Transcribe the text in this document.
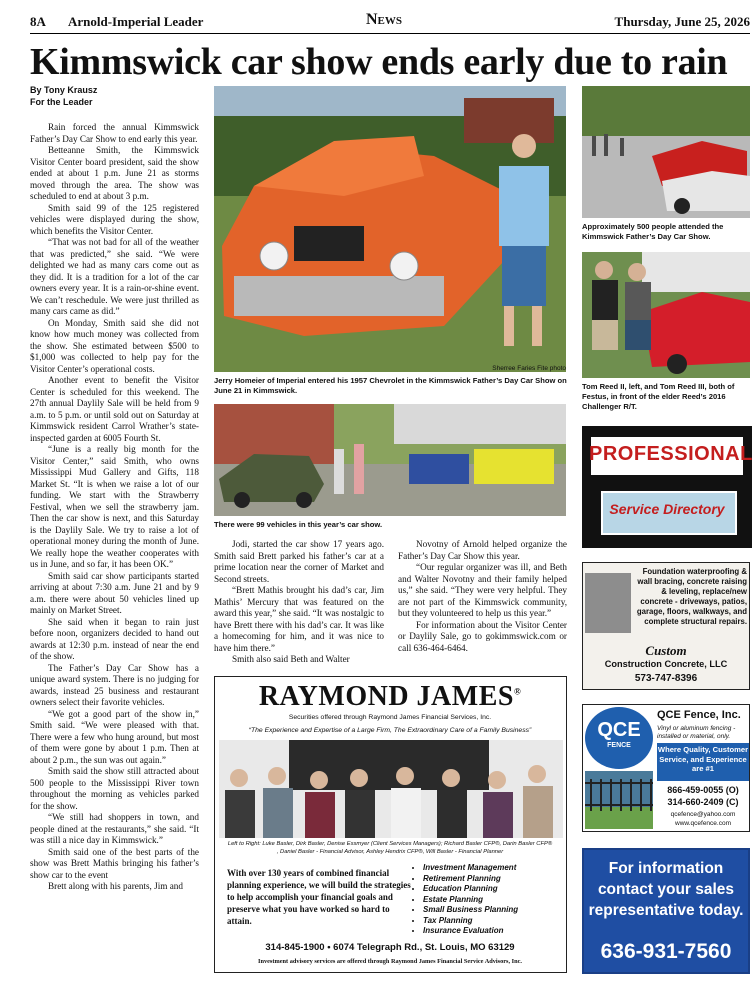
8A Arnold-Imperial Leader	News	Thursday, June 25, 2026
Kimmswick car show ends early due to rain
By Tony Krausz
For the Leader

Rain forced the annual Kimmswick Father’s Day Car Show to end early this year.

Betteanne Smith, the Kimmswick Visitor Center board president, said the show ended at about 1 p.m. June 21 as storms moved through the area. The show was scheduled to end at about 3 p.m.

Smith said 99 of the 125 registered vehicles were displayed during the show, which benefits the Visitor Center.

“That was not bad for all of the weather that was predicted,” she said. “We were delighted we had as many cars come out as they did. It is a tradition for a lot of the car owners every year. It is a rain-or-shine event. We can’t reschedule. We were just thrilled as many cars came as did.”

On Monday, Smith said she did not know how much money was collected from the show. She estimated between $500 to $1,000 was collected to help pay for the Visitor Center’s operational costs.

Another event to benefit the Visitor Center is scheduled for this weekend. The 27th annual Daylily Sale will be held from 9 a.m. to 5 p.m. or until sold out on Saturday at Kimmswick resident Carrol Wrather’s state-inspected garden at 6005 Fourth St.

“June is a really big month for the Visitor Center,” said Smith, who owns Mississippi Mud Gallery and Gifts, 118 Market St. “It is when we raise a lot of our funding. We start with the Strawberry Festival, when we sell the strawberry jam. Then the car show is next, and this Saturday is the Daylily Sale. We try to raise a lot of operational money during the month of June. We really hope the weather cooperates with us in June, and so far, it has been OK.”

Smith said car show participants started arriving at about 7:30 a.m. June 21 and by 9 a.m. there were about 50 vehicles lined up mainly on Market Street.

She said when it began to rain just before noon, organizers decided to hand out awards at 12:30 p.m. instead of near the end of the show.

The Father’s Day Car Show has a unique award system. There is no judging for awards, instead 25 business and restaurant owners select their favorite vehicles.

“We got a good part of the show in,” Smith said. “We were pleased with that. There were a few who hung around, but most of them were gone by about 1 p.m. Then at about 2 p.m., the sun was out again.”

Smith said the show still attracted about 500 people to the Mississippi River town throughout the morning as vehicles parked for the show.

“We still had shoppers in town, and people dined at the restaurants,” she said. “It was still a nice day in Kimmswick.”

Smith said one of the best parts of the show was Brett Mathis bringing his father’s show car to the event

Brett along with his parents, Jim and

Sherree Faries Fite photo
Jerry Homeier of Imperial entered his 1957 Chevrolet in the Kimmswick Father’s Day Car Show on June 21 in Kimmswick.
There were 99 vehicles in this year’s car show.

Jodi, started the car show 17 years ago. Smith said Brett parked his father’s car at a prime location near the corner of Market and Second streets.

“Brett Mathis brought his dad’s car, Jim Mathis’ Mercury that was featured on the award this year,” she said. “It was nostalgic to have Brett there with his dad’s car. It was like a homecoming for him, and it was nice to have him there.”

Smith also said Beth and Walter

Novotny of Arnold helped organize the Father’s Day Car Show this year.

“Our regular organizer was ill, and Beth and Walter Novotny and their family helped us,” she said. “They were very helpful. They are not part of the Kimmswick community, but they volunteered to help us this year.”

For information about the Visitor Center or Daylily Sale, go to gokimmswick.com or call 636-464-6464.

RAYMOND JAMES®
Securities offered through Raymond James Financial Services, Inc.
“The Experience and Expertise of a Large Firm, The Extraordinary Care of a Family Business”
Left to Right: Luke Basler, Dirk Basler, Denise Essmyer (Client Services Managers); Richard Basler CFP®, Darin Basler CFP® , Daniel Basler - Financial Advisor, Ashley Hendrix CFP®, Will Basler - Financial Planner
With over 130 years of combined financial planning experience, we will build the strategies to help accomplish your financial goals and preserve what you have worked so hard to attain.
• Investment Management
• Retirement Planning
• Education Planning
• Estate Planning
• Small Business Planning
• Tax Planning
• Insurance Evaluation
314-845-1900 • 6074 Telegraph Rd., St. Louis, MO 63129
Investment advisory services are offered through Raymond James Financial Service Advisors, Inc.
Approximately 500 people attended the Kimmswick Father’s Day Car Show.
Tom Reed II, left, and Tom Reed III, both of Festus, in front of the elder Reed’s 2016 Challenger R/T.
PROFESSIONAL
Service Directory
Foundation waterproofing & wall bracing, concrete raising & leveling, replace/new concrete - driveways, patios, garage, floors, walkways, and complete structural repairs.
Custom
Construction Concrete, LLC
573-747-8396
QCE
FENCE
QCE Fence, Inc.
Vinyl or aluminum fencing - installed or material, only.
Where Quality, Customer Service, and Experience are #1
866-459-0055 (O)
314-660-2409 (C)
qcefence@yahoo.com
www.qcefence.com
For information contact your sales representative today.
636-931-7560
